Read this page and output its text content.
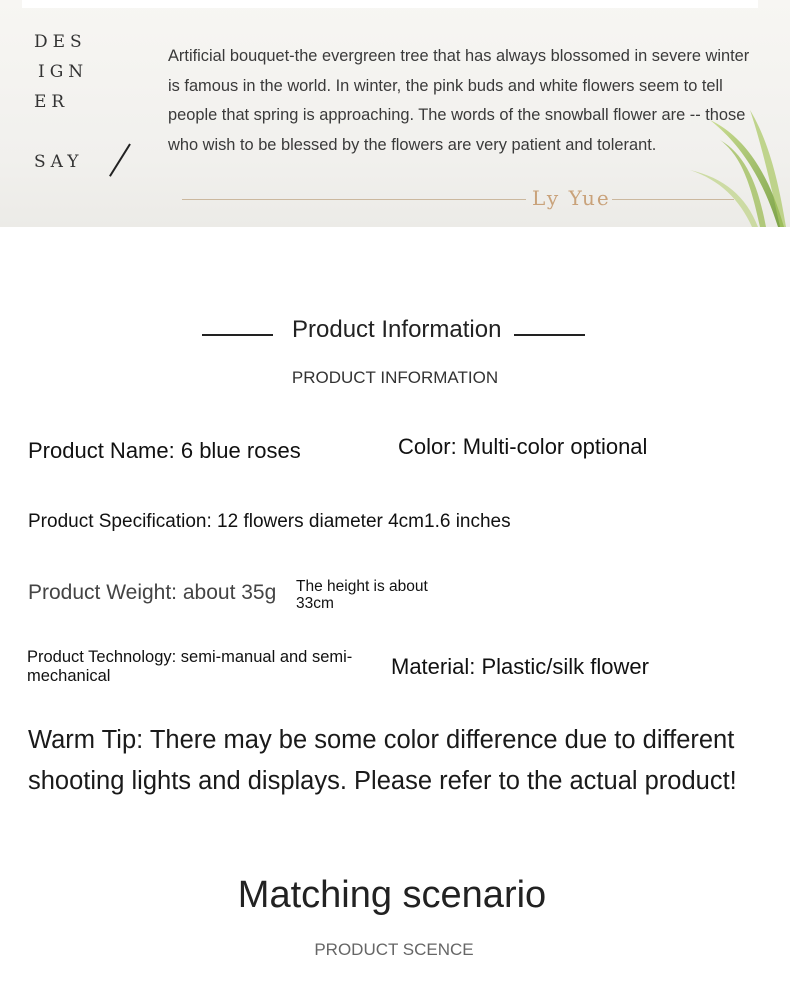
DES
IGN
ER
SAY

Artificial bouquet-the evergreen tree that has always blossomed in severe winter is famous in the world. In winter, the pink buds and white flowers seem to tell people that spring is approaching. The words of the snowball flower are -- those who wish to be blessed by the flowers are very patient and tolerant.

Ly Yue
Product Information
PRODUCT INFORMATION
Product Name: 6 blue roses	Color: Multi-color optional
Product Specification: 12 flowers diameter 4cm1.6 inches
Product Weight: about 35g The height is about 33cm
Product Technology: semi-manual and semi-mechanical	Material: Plastic/silk flower

Warm Tip: There may be some color difference due to different shooting lights and displays. Please refer to the actual product!

Matching scenario
PRODUCT SCENCE
